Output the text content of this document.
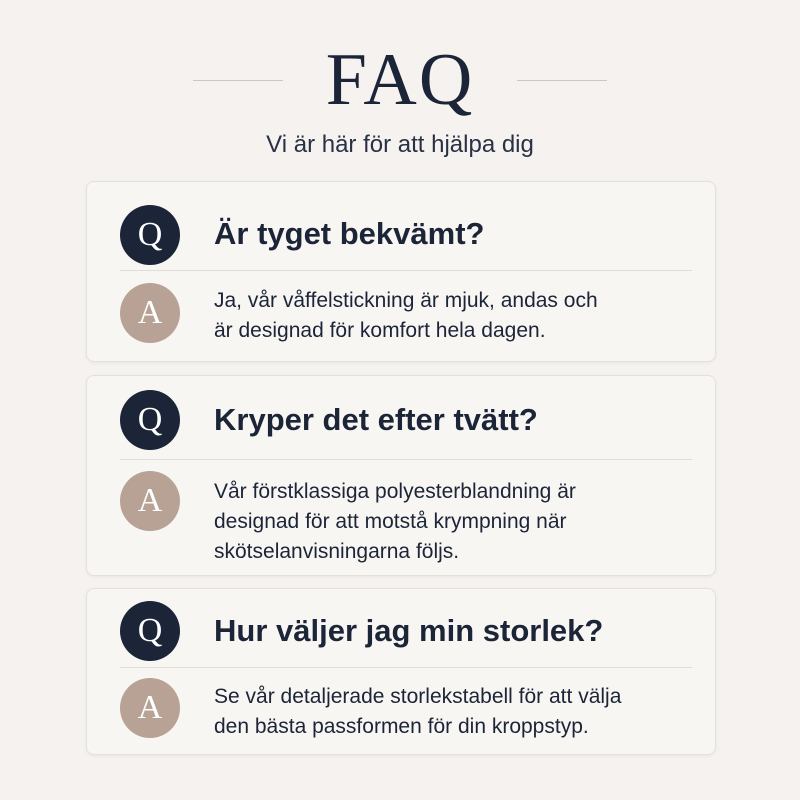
FAQ
Vi är här för att hjälpa dig
Q	Är tyget bekvämt?
A	Ja, vår våffelstickning är mjuk, andas och
är designad för komfort hela dagen.
Q	Kryper det efter tvätt?
A	Vår förstklassiga polyesterblandning är
designad för att motstå krympning när
skötselanvisningarna följs.
Q	Hur väljer jag min storlek?
A	Se vår detaljerade storlekstabell för att välja
den bästa passformen för din kroppstyp.
